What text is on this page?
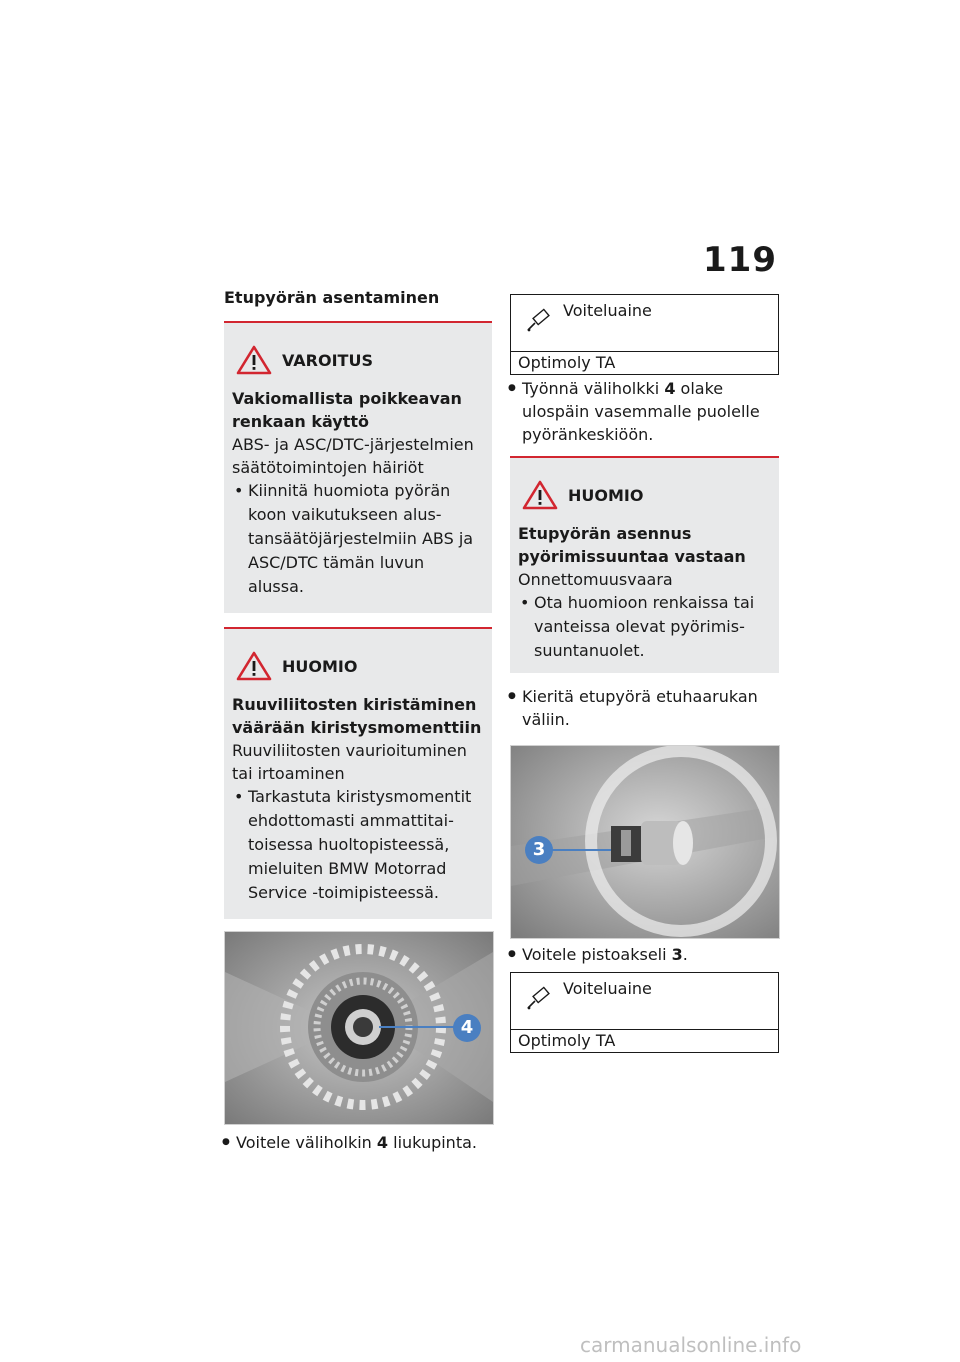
119
Etupyörän asentaminen
VAROITUS
Vakiomallista poikkeavan renkaan käyttö
ABS- ja ASC/DTC-järjestelmien säätötoimintojen häiriöt
• Kiinnitä huomiota pyörän koon vaikutukseen alustansäätöjärjestelmiin ABS ja ASC/DTC tämän luvun alussa.
HUOMIO
Ruuviliitosten kiristäminen väärään kiristysmomenttiin
Ruuviliitosten vaurioituminen tai irtoaminen
• Tarkastuta kiristysmomentit ehdottomasti ammattitaitoisessa huoltopisteessä, mieluiten BMW Motorrad Service -toimipisteessä.
4
● Voitele väliholkin 4 liukupinta.
Voiteluaine
Optimoly TA
● Työnnä väliholkki 4 olake ulospäin vasemmalle puolelle pyöränkeskiöön.
HUOMIO
Etupyörän asennus pyörimissuuntaa vastaan
Onnettomuusvaara
• Ota huomioon renkaissa tai vanteissa olevat pyörimissuuntanuolet.
● Kieritä etupyörä etuhaarukan väliin.
3
● Voitele pistoakseli 3.
Voiteluaine
Optimoly TA
carmanualsonline.info
